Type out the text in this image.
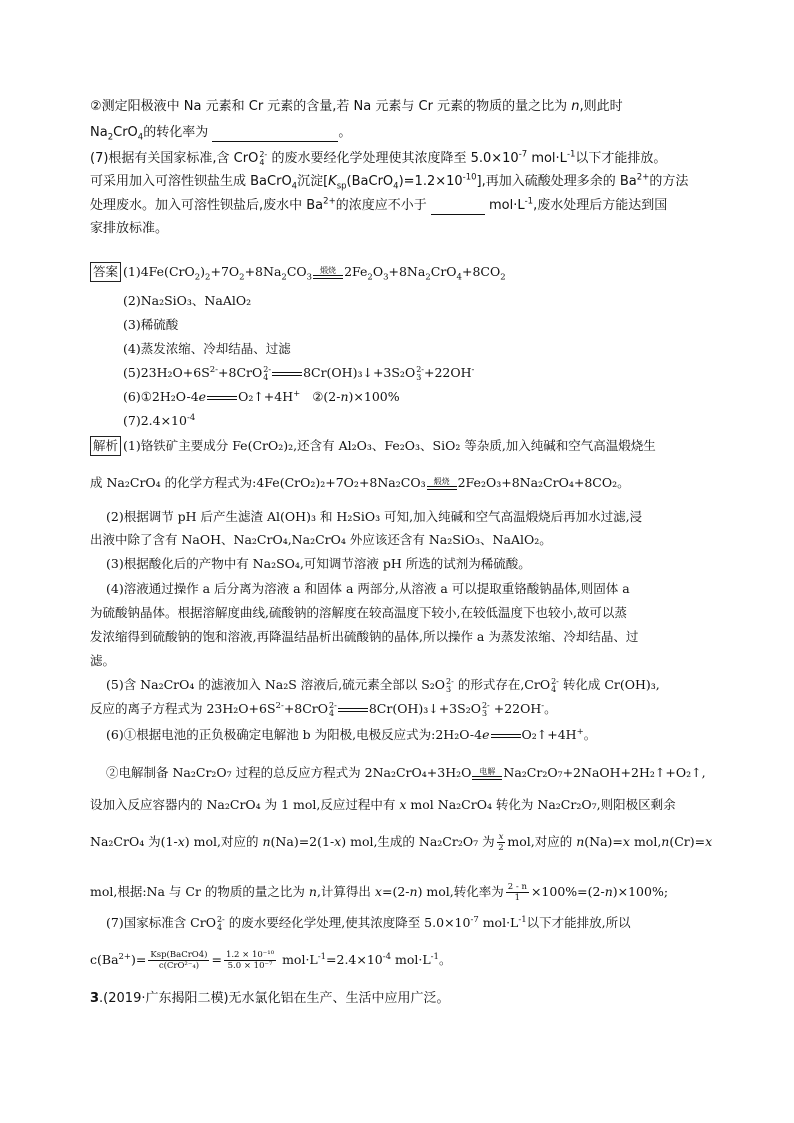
②测定阳极液中 Na 元素和 Cr 元素的含量,若 Na 元素与 Cr 元素的物质的量之比为 n,则此时
$Na_2CrO_4$的转化率为	。
(7)根据有关国家标准,含 CrO 2-
4 的废水要经化学处理使其浓度降至 $5.0\times 10^{-7}$ $mol\cdot L^{-1}$以下才能排放。
可采用加入可溶性钡盐生成 BaCrO$_4$沉淀$[K_{sp}(BaCrO_4)=1.2\times 10^{-10}]$,再加入硫酸处理多余的 $Ba^{2+}$的方法
处理废水。加入可溶性钡盐后,废水中 $Ba^{2+}$的浓度应不小于	$mol\cdot L^{-1}$,废水处理后方能达到国
家排放标准。
答案 $(1)4Fe(CrO_2)_2+7O_2+8Na_2CO_3$
煅烧 $2Fe_2O_3+8Na_2CrO_4+8CO_2$
(2)Na₂SiO₃、NaAlO₂
(3)稀硫酸
(4)蒸发浓缩、冷却结晶、过滤
$(5)23H_2O+6S^{2-}+8CrO$ 2-
4	8Cr(OH)₃↓+3S₂O 2-
3 +22OH-
(6)①2H₂O-4e	O₂↑+4H+ ②(2-n)×100%
$(7)2.4\times 10^{-4}$
解析 (1)铬铁矿主要成分 Fe(CrO₂)₂,还含有 Al₂O₃、Fe₂O₃、SiO₂ 等杂质,加入纯碱和空气高温煅烧生
成 Na₂CrO₄ 的化学方程式为:4Fe(CrO₂)₂+7O₂+8Na₂CO₃ 煅烧 2Fe₂O₃+8Na₂CrO₄+8CO₂。
(2)根据调节 pH 后产生滤渣 Al(OH)₃ 和 H₂SiO₃ 可知,加入纯碱和空气高温煅烧后再加水过滤,浸
出液中除了含有 NaOH、Na₂CrO₄,Na₂CrO₄ 外应该还含有 Na₂SiO₃、NaAlO₂。
(3)根据酸化后的产物中有 Na₂SO₄,可知调节溶液 pH 所选的试剂为稀硫酸。
(4)溶液通过操作 a 后分离为溶液 a 和固体 a 两部分,从溶液 a 可以提取重铬酸钠晶体,则固体 a
为硫酸钠晶体。根据溶解度曲线,硫酸钠的溶解度在较高温度下较小,在较低温度下也较小,故可以蒸
发浓缩得到硫酸钠的饱和溶液,再降温结晶析出硫酸钠的晶体,所以操作 a 为蒸发浓缩、冷却结晶、过
滤。
(5)含 Na₂CrO₄ 的滤液加入 Na₂S 溶液后,硫元素全部以 S₂O 2-
3 的形式存在,CrO 2-
4 转化成 Cr(OH)₃,
反应的离子方程式为 $23H_2O+6S^{2-}+8CrO$ 2-
4	8Cr(OH)₃↓+3S₂O 2-
3 +22OH-。
(6)①根据电池的正负极确定电解池 b 为阳极,电极反应式为:2H₂O-4e	O₂↑+4H+。
②电解制备 Na₂Cr₂O₇ 过程的总反应方程式为 2Na₂CrO₄+3H₂O 电解 Na₂Cr₂O₇+2NaOH+2H₂↑+O₂↑,
设加入反应容器内的 Na₂CrO₄ 为 1 mol,反应过程中有 x mol Na₂CrO₄ 转化为 Na₂Cr₂O₇,则阳极区剩余
Na₂CrO₄ 为(1-x) mol,对应的 n(Na)=2(1-x) mol,生成的 Na₂Cr₂O₇ 为 $\frac{x}{2}$ mol,对应的 n(Na)=x mol,n(Cr)=x
mol,根据:Na 与 Cr 的物质的量之比为 n,计算得出 x=(2-n) mol,转化率为 $\frac{2 - n}{1} \times 100\%=(2-n)\times 100\%$;
(7)国家标准含 CrO 2-
4 的废水要经化学处理,使其浓度降至 $5.0\times 10^{-7}$ $mol\cdot L^{-1}$以下才能排放,所以
$c(Ba^{2+})= \frac{\text{Ksp(BaCrO4)}}{\text{c(CrO²⁻₄)}} = \frac{\text{1.2 × 10⁻¹⁰}}{\text{5.0 × 10⁻⁷}} mol\cdot L^{-1}=2.4\times 10^{-4}$ $mol\cdot L^{-1}$。
3.(2019·广东揭阳二模)无水氯化铝在生产、生活中应用广泛。
